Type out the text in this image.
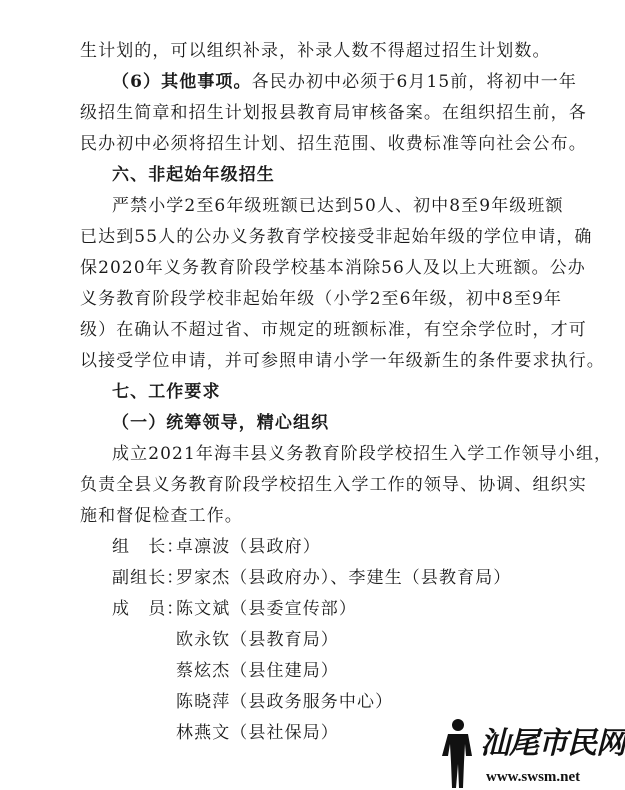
生计划的，可以组织补录，补录人数不得超过招生计划数。
（6）其他事项。各民办初中必须于6月15前，将初中一年
级招生简章和招生计划报县教育局审核备案。在组织招生前，各
民办初中必须将招生计划、招生范围、收费标准等向社会公布。
六、非起始年级招生
严禁小学2至6年级班额已达到50人、初中8至9年级班额
已达到55人的公办义务教育学校接受非起始年级的学位申请，确
保2020年义务教育阶段学校基本消除56人及以上大班额。公办
义务教育阶段学校非起始年级（小学2至6年级，初中8至9年
级）在确认不超过省、市规定的班额标准，有空余学位时，才可
以接受学位申请，并可参照申请小学一年级新生的条件要求执行。
七、工作要求
（一）统筹领导，精心组织
成立2021年海丰县义务教育阶段学校招生入学工作领导小组，
负责全县义务教育阶段学校招生入学工作的领导、协调、组织实
施和督促检查工作。
组　长：
卓凛波（县政府）
副组长：
罗家杰（县政府办）、李建生（县教育局）
成　员：
陈文斌（县委宣传部）
欧永钦（县教育局）
蔡炫杰（县住建局）
陈晓萍（县政务服务中心）
林燕文（县社保局）	汕尾市民网
www.swsm.net
